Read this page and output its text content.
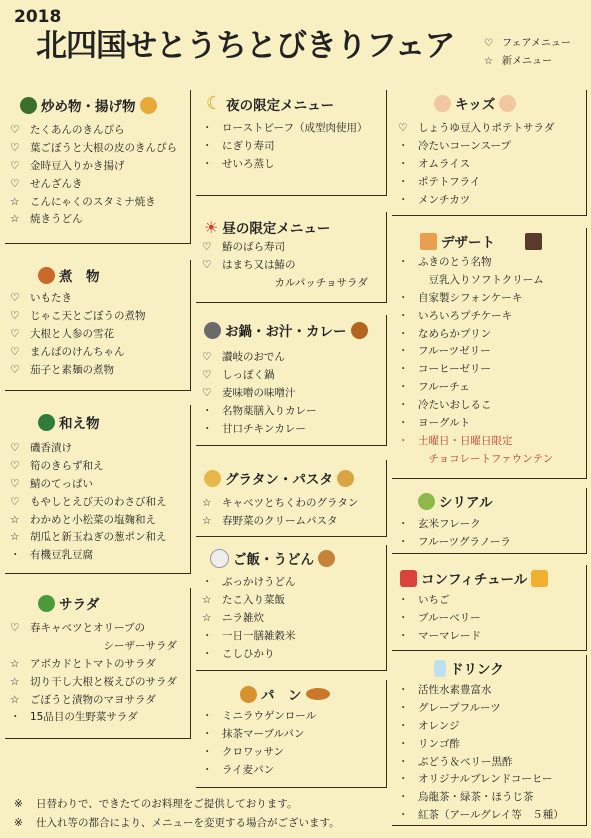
2018
北四国せとうちとびきりフェア	♡ フェアメニュー
☆ 新メニュー
炒め物・揚げ物
煮　物
和え物
サラダ
☾ 夜の限定メニュー
☀ 昼の限定メニュー
お鍋・お汁・カレー
グラタン・パスタ
ご飯・うどん
パ　ン
キッズ
デザート
シリアル
コンフィチュール
ドリンク
♡ たくあんのきんぴら
♡ 葉ごぼうと大根の皮のきんぴら
♡ 金時豆入りかき揚げ
♡ せんざんき
☆ こんにゃくのスタミナ焼き
☆ 焼きうどん
♡ いもたき
♡ じゃこ天とごぼうの煮物
♡ 大根と人参の雪花
♡ まんばのけんちゃん
♡ 茄子と素麺の煮物
♡ 磯香漬け
♡ 筍のきらず和え
♡ 鯖のてっぱい
♡ もやしとえび天のわさび和え
☆ わかめと小松菜の塩麹和え
☆ 胡瓜と新玉ねぎの葱ポン和え
・ 有機豆乳豆腐
♡ 春キャベツとオリーブの
　　　　　　　シーザーサラダ
☆ アボカドとトマトのサラダ
☆ 切り干し大根と桜えびのサラダ
☆ ごぼうと漬物のマヨサラダ
・ 15品目の生野菜サラダ
・ ローストビーフ（成型肉使用）
・ にぎり寿司
・ せいろ蒸し
♡ 鰆のばら寿司
♡ はまち又は鰆の
　　　　　カルパッチョサラダ
♡ 讃岐のおでん
♡ しっぽく鍋
♡ 麦味噌の味噌汁
・ 名物薬膳入りカレー
・ 甘口チキンカレー
☆ キャベツとちくわのグラタン
☆ 春野菜のクリームパスタ
・ ぶっかけうどん
☆ たこ入り菜飯
☆ ニラ雑炊
・ 一日一膳雑穀米
・ こしひかり
・ ミニラウゲンロール
・ 抹茶マーブルパン
・ クロワッサン
・ ライ麦パン
♡ しょうゆ豆入りポテトサラダ
・ 冷たいコーンスープ
・ オムライス
・ ポテトフライ
・ メンチカツ
・ ふきのとう名物
　豆乳入りソフトクリーム
・ 自家製シフォンケーキ
・ いろいろプチケーキ
・ なめらかプリン
・ フルーツゼリー
・ コーヒーゼリー
・ フルーチェ
・ 冷たいおしるこ
・ ヨーグルト
・ 土曜日・日曜日限定
　チョコレートファウンテン
・ 玄米フレーク
・ フルーツグラノーラ
・ いちご
・ ブルーベリー
・ マーマレード
・ 活性水素豊富水
・ グレープフルーツ
・ オレンジ
・ リンゴ酢
・ ぶどう＆ベリー黒酢
・ オリジナルブレンドコーヒー
・ 烏龍茶・緑茶・ほうじ茶
・ 紅茶（アールグレイ等　５種）
※ 日替わりで、できたてのお料理をご提供しております。
※ 仕入れ等の都合により、メニューを変更する場合がございます。
